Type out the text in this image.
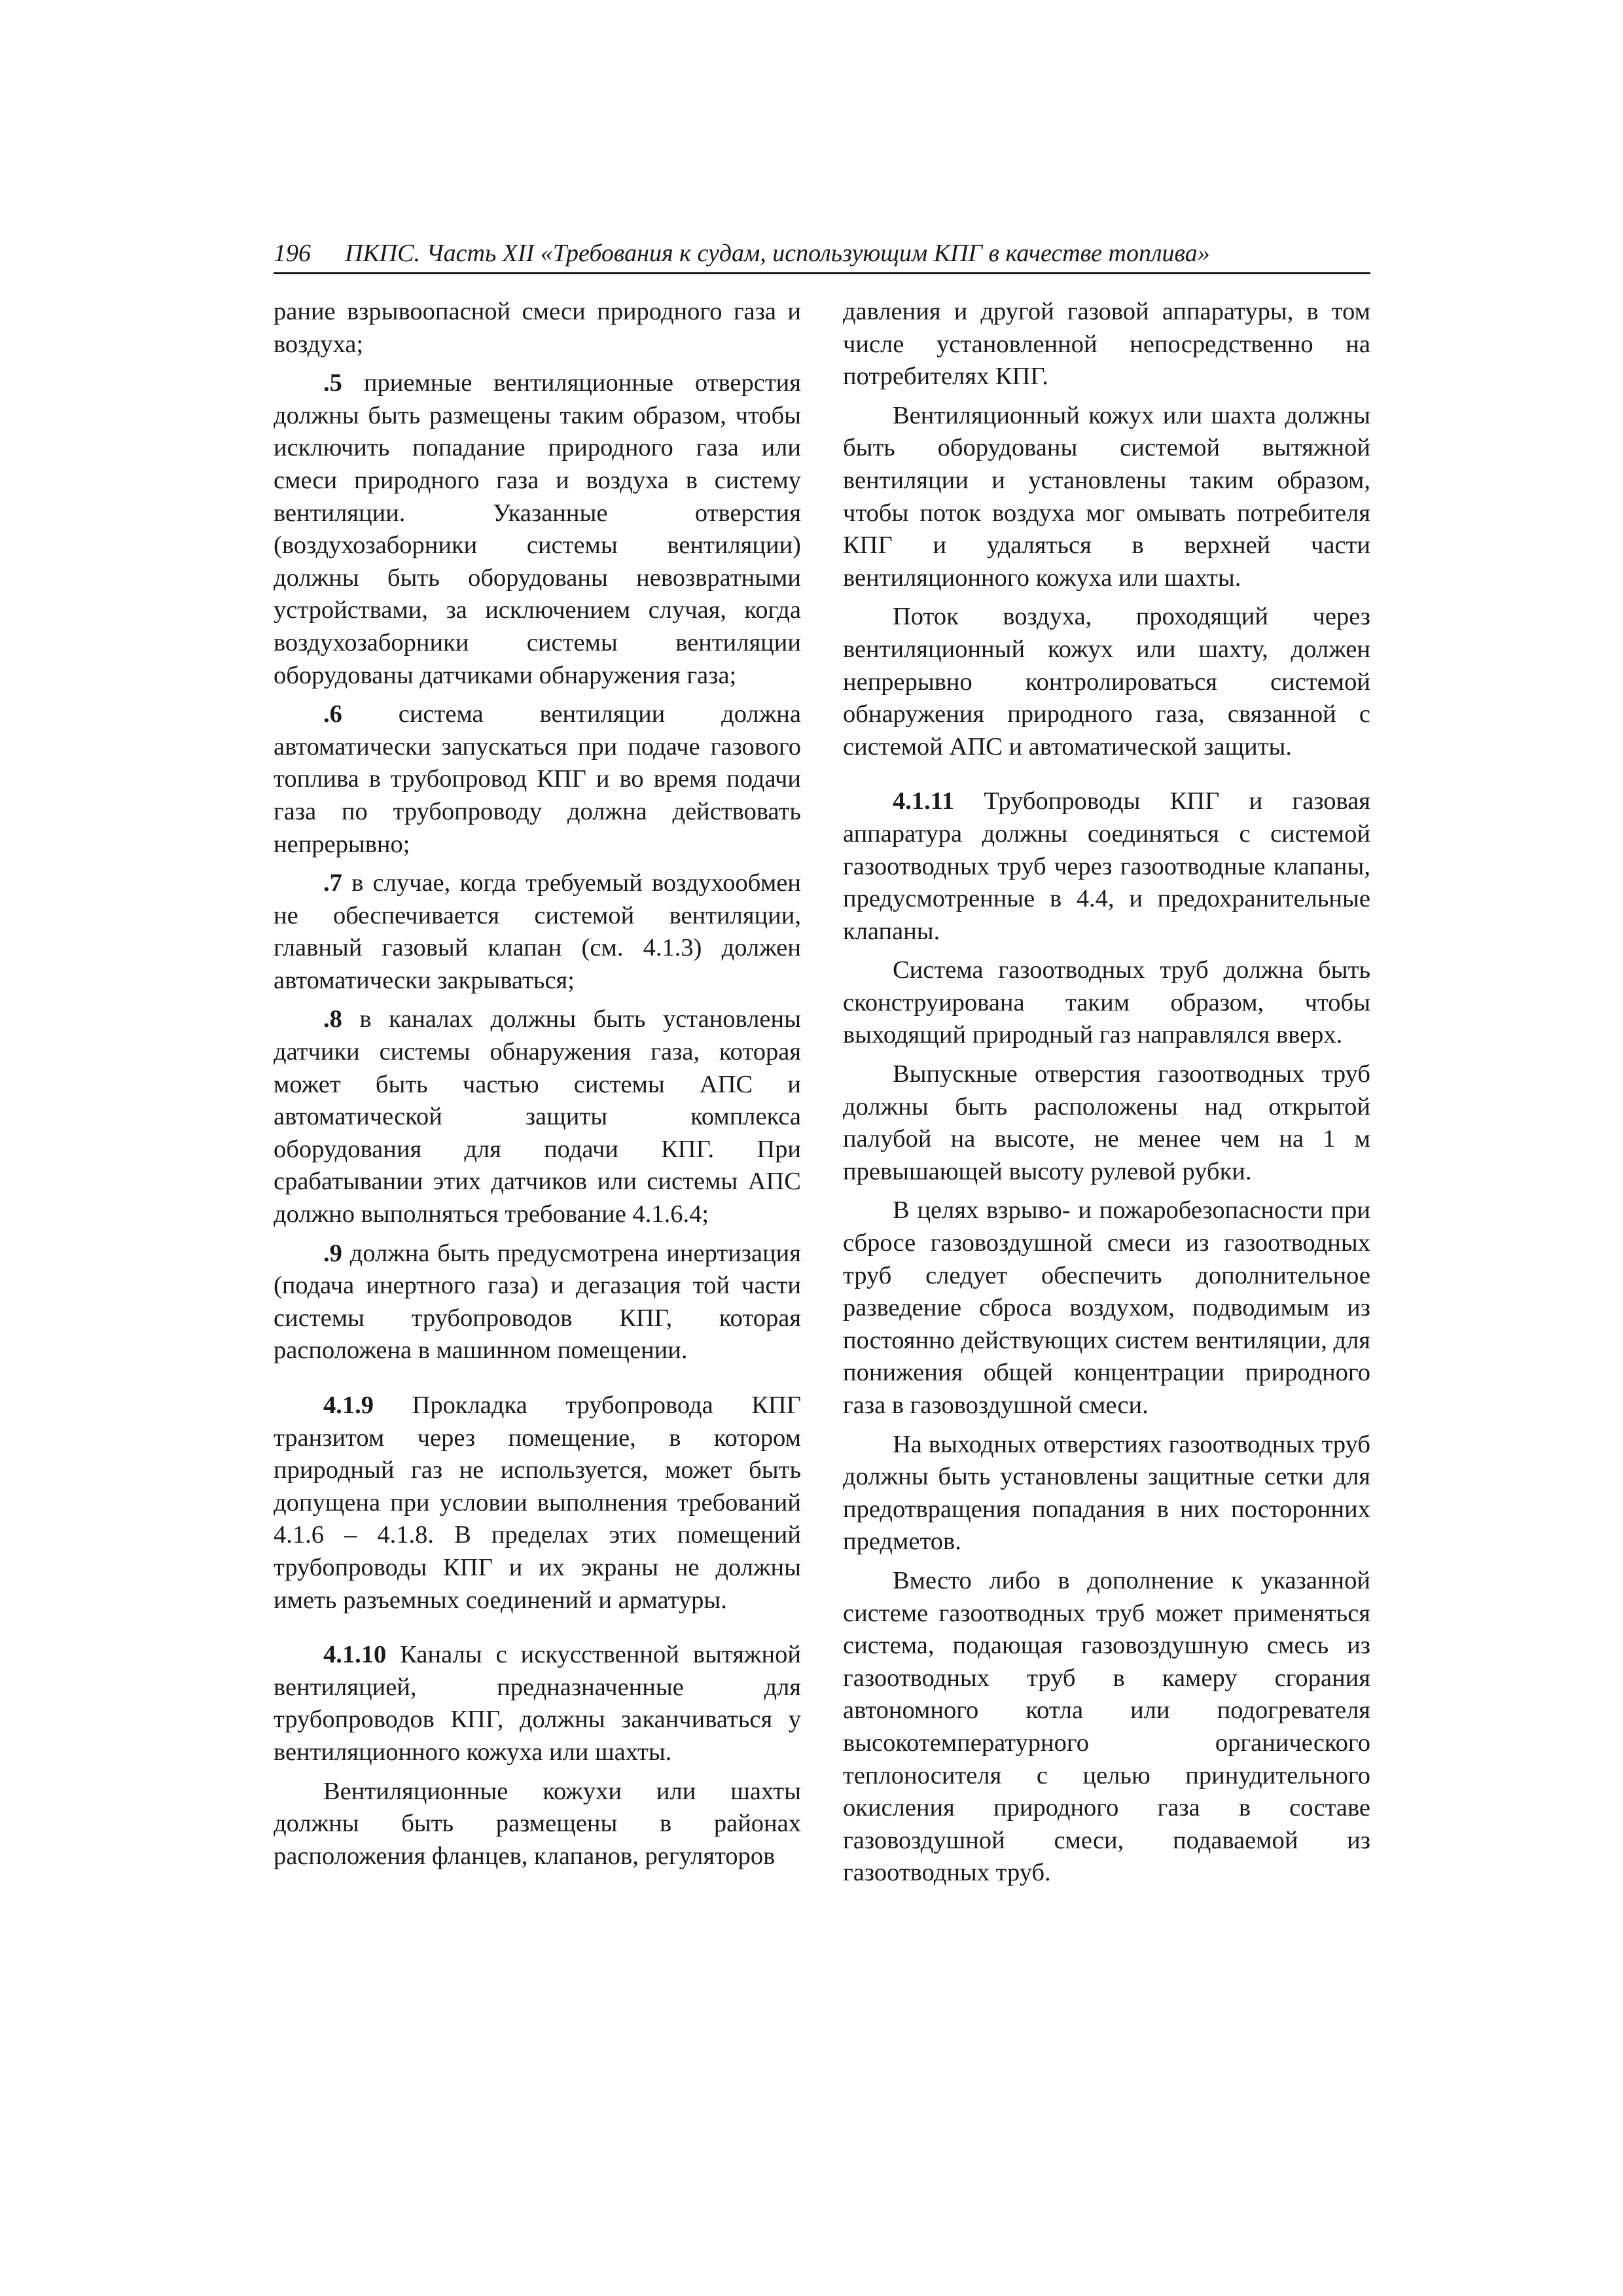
196 ПКПС. Часть XII «Требования к судам, использующим КПГ в качестве топлива»

рание взрывоопасной смеси природного газа и воздуха;

.5 приемные вентиляционные отверстия должны быть размещены таким образом, чтобы исключить попадание природного газа или смеси природного газа и воздуха в систему вентиляции. Указанные отверстия (воздухозаборники системы вентиляции) должны быть оборудованы невозвратными устройствами, за исключением случая, когда воздухозаборники системы вентиляции оборудованы датчиками обнаружения газа;

.6 система вентиляции должна автоматически запускаться при подаче газового топлива в трубопровод КПГ и во время подачи газа по трубопроводу должна действовать непрерывно;

.7 в случае, когда требуемый воздухообмен не обеспечивается системой вентиляции, главный газовый клапан (см. 4.1.3) должен автоматически закрываться;

.8 в каналах должны быть установлены датчики системы обнаружения газа, которая может быть частью системы АПС и автоматической защиты комплекса оборудования для подачи КПГ. При срабатывании этих датчиков или системы АПС должно выполняться требование 4.1.6.4;

.9 должна быть предусмотрена инертизация (подача инертного газа) и дегазация той части системы трубопроводов КПГ, которая расположена в машинном помещении.

4.1.9 Прокладка трубопровода КПГ транзитом через помещение, в котором природный газ не используется, может быть допущена при условии выполнения требований 4.1.6 – 4.1.8. В пределах этих помещений трубопроводы КПГ и их экраны не должны иметь разъемных соединений и арматуры.

4.1.10 Каналы с искусственной вытяжной вентиляцией, предназначенные для трубопроводов КПГ, должны заканчиваться у вентиляционного кожуха или шахты.

Вентиляционные кожухи или шахты должны быть размещены в районах расположения фланцев, клапанов, регуляторов

давления и другой газовой аппаратуры, в том числе установленной непосредственно на потребителях КПГ.

Вентиляционный кожух или шахта должны быть оборудованы системой вытяжной вентиляции и установлены таким образом, чтобы поток воздуха мог омывать потребителя КПГ и удаляться в верхней части вентиляционного кожуха или шахты.

Поток воздуха, проходящий через вентиляционный кожух или шахту, должен непрерывно контролироваться системой обнаружения природного газа, связанной с системой АПС и автоматической защиты.

4.1.11 Трубопроводы КПГ и газовая аппаратура должны соединяться с системой газоотводных труб через газоотводные клапаны, предусмотренные в 4.4, и предохранительные клапаны.

Система газоотводных труб должна быть сконструирована таким образом, чтобы выходящий природный газ направлялся вверх.

Выпускные отверстия газоотводных труб должны быть расположены над открытой палубой на высоте, не менее чем на 1 м превышающей высоту рулевой рубки.

В целях взрыво- и пожаробезопасности при сбросе газовоздушной смеси из газоотводных труб следует обеспечить дополнительное разведение сброса воздухом, подводимым из постоянно действующих систем вентиляции, для понижения общей концентрации природного газа в газовоздушной смеси.

На выходных отверстиях газоотводных труб должны быть установлены защитные сетки для предотвращения попадания в них посторонних предметов.

Вместо либо в дополнение к указанной системе газоотводных труб может применяться система, подающая газовоздушную смесь из газоотводных труб в камеру сгорания автономного котла или подогревателя высокотемпературного органического теплоносителя с целью принудительного окисления природного газа в составе газовоздушной смеси, подаваемой из газоотводных труб.
